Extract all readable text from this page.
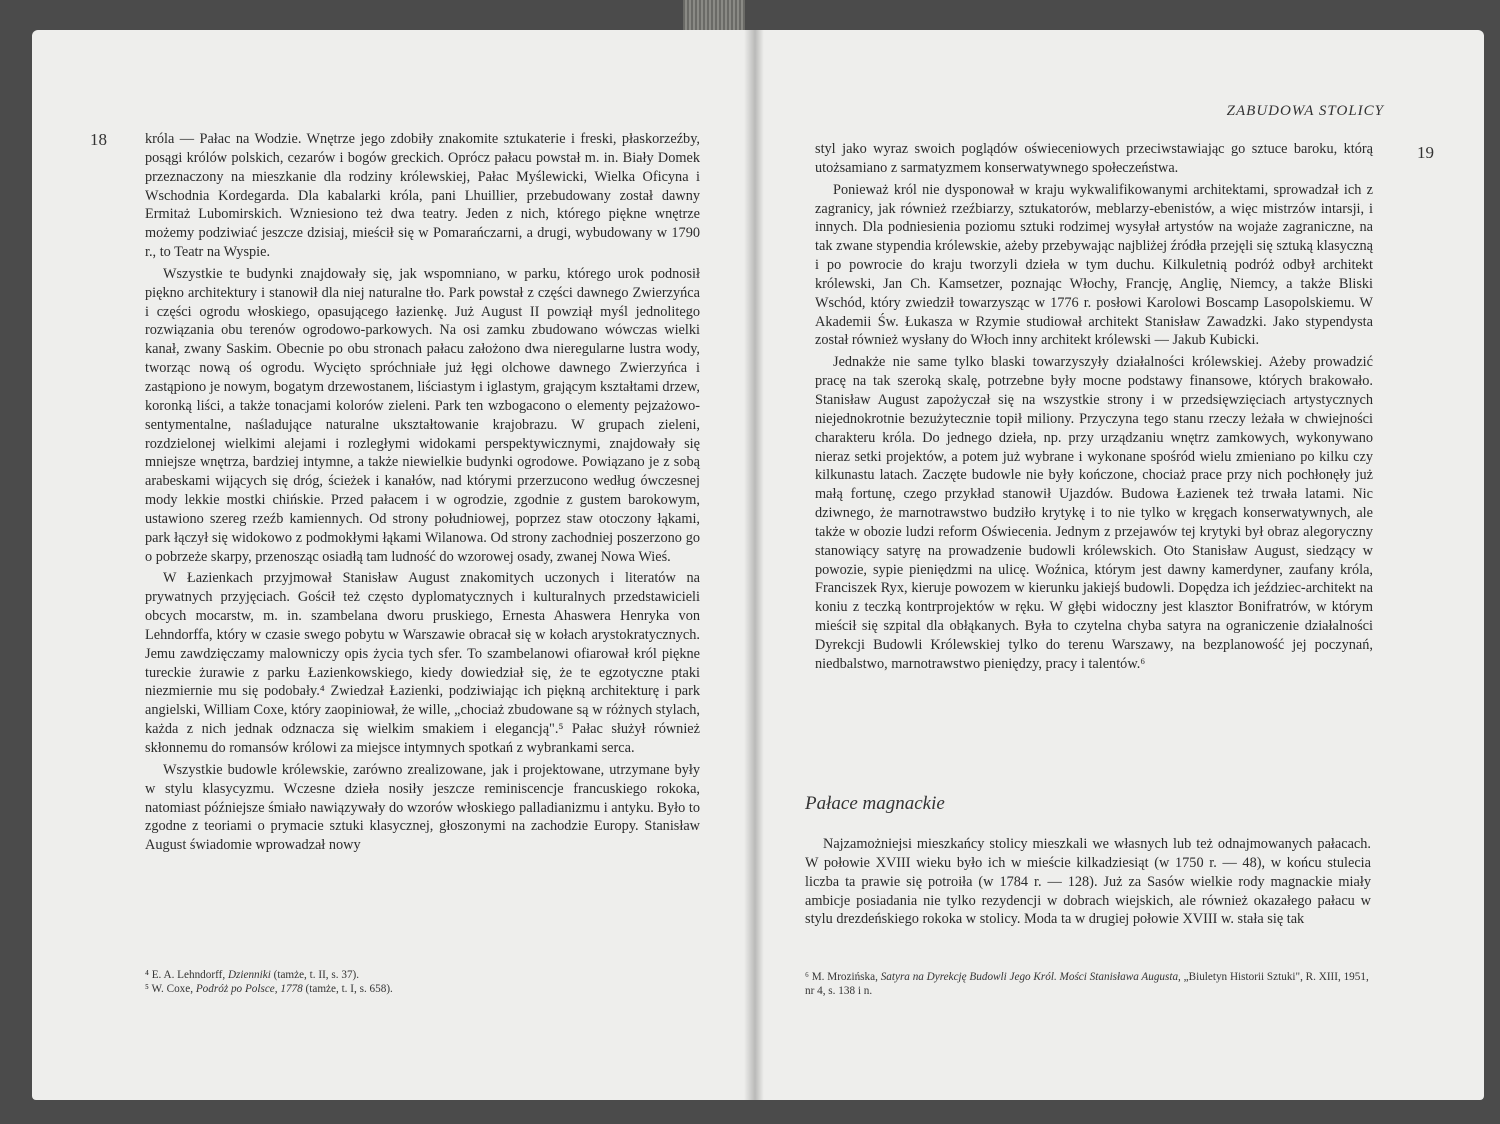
18	króla — Pałac na Wodzie. Wnętrze jego zdobiły znakomite sztukaterie i freski, płaskorzeźby, posągi królów polskich, cezarów i bogów greckich. Oprócz pałacu powstał m. in. Biały Domek przeznaczony na mieszkanie dla rodziny królewskiej, Pałac Myślewicki, Wielka Oficyna i Wschodnia Kordegarda. Dla kabalarki króla, pani Lhuillier, przebudowany został dawny Ermitaż Lubomirskich. Wzniesiono też dwa teatry. Jeden z nich, którego piękne wnętrze możemy podziwiać jeszcze dzisiaj, mieścił się w Pomarańczarni, a drugi, wybudowany w 1790 r., to Teatr na Wyspie.

Wszystkie te budynki znajdowały się, jak wspomniano, w parku, którego urok podnosił piękno architektury i stanowił dla niej naturalne tło. Park powstał z części dawnego Zwierzyńca i części ogrodu włoskiego, opasującego łazienkę. Już August II powziął myśl jednolitego rozwiązania obu terenów ogrodowo-parkowych. Na osi zamku zbudowano wówczas wielki kanał, zwany Saskim. Obecnie po obu stronach pałacu założono dwa nieregularne lustra wody, tworząc nową oś ogrodu. Wycięto spróchniałe już łęgi olchowe dawnego Zwierzyńca i zastąpiono je nowym, bogatym drzewostanem, liściastym i iglastym, grającym kształtami drzew, koronką liści, a także tonacjami kolorów zieleni. Park ten wzbogacono o elementy pejzażowo-sentymentalne, naśladujące naturalne ukształtowanie krajobrazu. W grupach zieleni, rozdzielonej wielkimi alejami i rozległymi widokami perspektywicznymi, znajdowały się mniejsze wnętrza, bardziej intymne, a także niewielkie budynki ogrodowe. Powiązano je z sobą arabeskami wijących się dróg, ścieżek i kanałów, nad którymi przerzucono według ówczesnej mody lekkie mostki chińskie. Przed pałacem i w ogrodzie, zgodnie z gustem barokowym, ustawiono szereg rzeźb kamiennych. Od strony południowej, poprzez staw otoczony łąkami, park łączył się widokowo z podmokłymi łąkami Wilanowa. Od strony zachodniej poszerzono go o pobrzeże skarpy, przenosząc osiadłą tam ludność do wzorowej osady, zwanej Nowa Wieś.

W Łazienkach przyjmował Stanisław August znakomitych uczonych i literatów na prywatnych przyjęciach. Gościł też często dyplomatycznych i kulturalnych przedstawicieli obcych mocarstw, m. in. szambelana dworu pruskiego, Ernesta Ahaswera Henryka von Lehndorffa, który w czasie swego pobytu w Warszawie obracał się w kołach arystokratycznych. Jemu zawdzięczamy malowniczy opis życia tych sfer. To szambelanowi ofiarował król piękne tureckie żurawie z parku Łazienkowskiego, kiedy dowiedział się, że te egzotyczne ptaki niezmiernie mu się podobały.⁴ Zwiedzał Łazienki, podziwiając ich piękną architekturę i park angielski, William Coxe, który zaopiniował, że wille, „chociaż zbudowane są w różnych stylach, każda z nich jednak odznacza się wielkim smakiem i elegancją".⁵ Pałac służył również skłonnemu do romansów królowi za miejsce intymnych spotkań z wybrankami serca.

Wszystkie budowle królewskie, zarówno zrealizowane, jak i projektowane, utrzymane były w stylu klasycyzmu. Wczesne dzieła nosiły jeszcze reminiscencje francuskiego rokoka, natomiast późniejsze śmiało nawiązywały do wzorów włoskiego palladianizmu i antyku. Było to zgodne z teoriami o prymacie sztuki klasycznej, głoszonymi na zachodzie Europy. Stanisław August świadomie wprowadzał nowy

⁴ E. A. Lehndorff, Dzienniki (tamże, t. II, s. 37).
⁵ W. Coxe, Podróż po Polsce, 1778 (tamże, t. I, s. 658).
ZABUDOWA STOLICY
19

styl jako wyraz swoich poglądów oświeceniowych przeciwstawiając go sztuce baroku, którą utożsamiano z sarmatyzmem konserwatywnego społeczeństwa.

Ponieważ król nie dysponował w kraju wykwalifikowanymi architektami, sprowadzał ich z zagranicy, jak również rzeźbiarzy, sztukatorów, meblarzy-ebenistów, a więc mistrzów intarsji, i innych. Dla podniesienia poziomu sztuki rodzimej wysyłał artystów na wojaże zagraniczne, na tak zwane stypendia królewskie, ażeby przebywając najbliżej źródła przejęli się sztuką klasyczną i po powrocie do kraju tworzyli dzieła w tym duchu. Kilkuletnią podróż odbył architekt królewski, Jan Ch. Kamsetzer, poznając Włochy, Francję, Anglię, Niemcy, a także Bliski Wschód, który zwiedził towarzysząc w 1776 r. posłowi Karolowi Boscamp Lasopolskiemu. W Akademii Św. Łukasza w Rzymie studiował architekt Stanisław Zawadzki. Jako stypendysta został również wysłany do Włoch inny architekt królewski — Jakub Kubicki.

Jednakże nie same tylko blaski towarzyszyły działalności królewskiej. Ażeby prowadzić pracę na tak szeroką skalę, potrzebne były mocne podstawy finansowe, których brakowało. Stanisław August zapożyczał się na wszystkie strony i w przedsięwzięciach artystycznych niejednokrotnie bezużytecznie topił miliony. Przyczyna tego stanu rzeczy leżała w chwiejności charakteru króla. Do jednego dzieła, np. przy urządzaniu wnętrz zamkowych, wykonywano nieraz setki projektów, a potem już wybrane i wykonane spośród wielu zmieniano po kilku czy kilkunastu latach. Zaczęte budowle nie były kończone, chociaż prace przy nich pochłonęły już małą fortunę, czego przykład stanowił Ujazdów. Budowa Łazienek też trwała latami. Nic dziwnego, że marnotrawstwo budziło krytykę i to nie tylko w kręgach konserwatywnych, ale także w obozie ludzi reform Oświecenia. Jednym z przejawów tej krytyki był obraz alegoryczny stanowiący satyrę na prowadzenie budowli królewskich. Oto Stanisław August, siedzący w powozie, sypie pieniędzmi na ulicę. Woźnica, którym jest dawny kamerdyner, zaufany króla, Franciszek Ryx, kieruje powozem w kierunku jakiejś budowli. Dopędza ich jeździec-architekt na koniu z teczką kontrprojektów w ręku. W głębi widoczny jest klasztor Bonifratrów, w którym mieścił się szpital dla obłąkanych. Była to czytelna chyba satyra na ograniczenie działalności Dyrekcji Budowli Królewskiej tylko do terenu Warszawy, na bezplanowość jej poczynań, niedbalstwo, marnotrawstwo pieniędzy, pracy i talentów.⁶

Pałace magnackie

Najzamożniejsi mieszkańcy stolicy mieszkali we własnych lub też odnajmowanych pałacach. W połowie XVIII wieku było ich w mieście kilkadziesiąt (w 1750 r. — 48), w końcu stulecia liczba ta prawie się potroiła (w 1784 r. — 128). Już za Sasów wielkie rody magnackie miały ambicje posiadania nie tylko rezydencji w dobrach wiejskich, ale również okazałego pałacu w stylu drezdeńskiego rokoka w stolicy. Moda ta w drugiej połowie XVIII w. stała się tak

⁶ M. Mrozińska, Satyra na Dyrekcję Budowli Jego Król. Mości Stanisława Augusta, „Biuletyn Historii Sztuki", R. XIII, 1951, nr 4, s. 138 i n.
